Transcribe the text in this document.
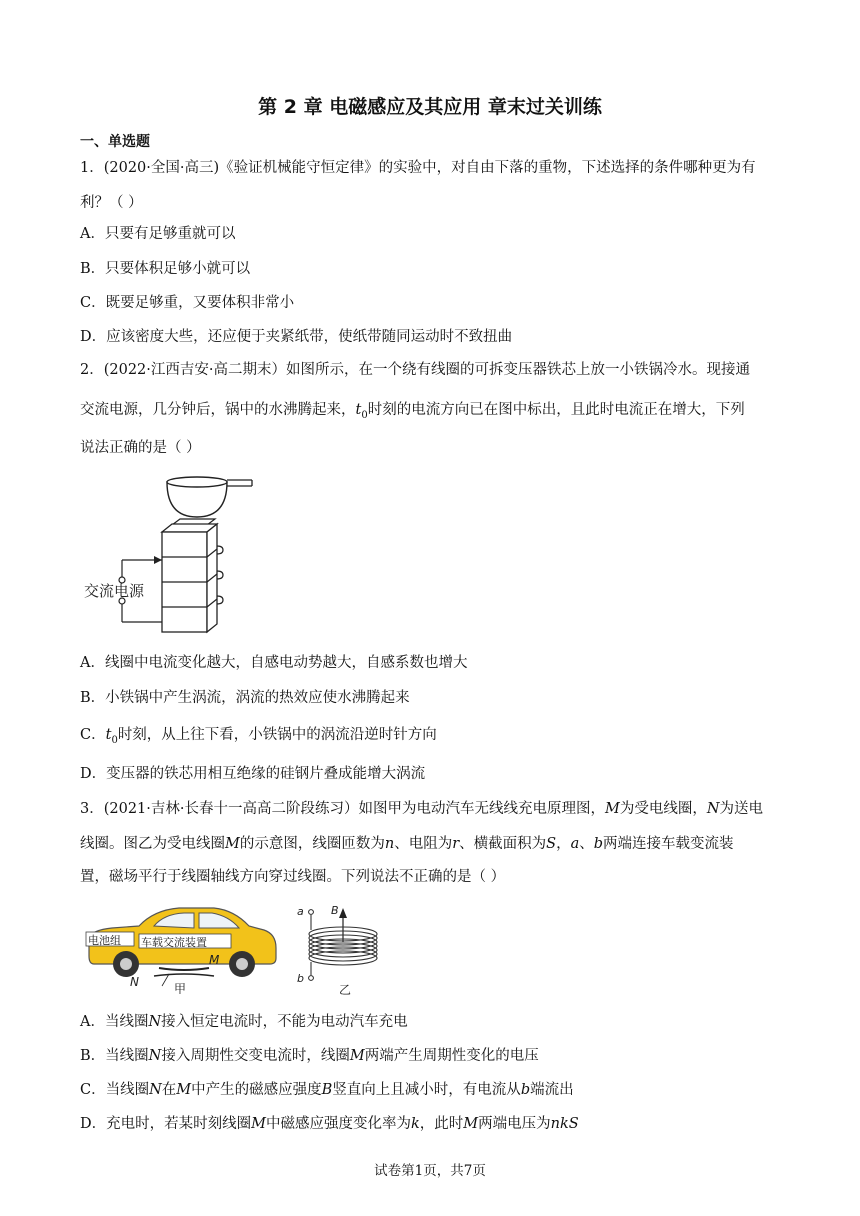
第 2 章 电磁感应及其应用 章末过关训练
一、单选题
1．(2020·全国·高三)《验证机械能守恒定律》的实验中，对自由下落的重物，下述选择的条件哪种更为有
利？（ ）
A．只要有足够重就可以
B．只要体积足够小就可以
C．既要足够重，又要体积非常小
D．应该密度大些，还应便于夹紧纸带，使纸带随同运动时不致扭曲
2．(2022·江西吉安·高二期末）如图所示，在一个绕有线圈的可拆变压器铁芯上放一小铁锅冷水。现接通
交流电源，几分钟后，锅中的水沸腾起来，$t_0$时刻的电流方向已在图中标出，且此时电流正在增大，下列
说法正确的是（ ）
交流电源
A．线圈中电流变化越大，自感电动势越大，自感系数也增大
B．小铁锅中产生涡流，涡流的热效应使水沸腾起来
C．$t_0$时刻，从上往下看，小铁锅中的涡流沿逆时针方向
D．变压器的铁芯用相互绝缘的硅钢片叠成能增大涡流
3．(2021·吉林·长春十一高高二阶段练习）如图甲为电动汽车无线线充电原理图，M为受电线圈，N为送电
线圈。图乙为受电线圈M的示意图，线圈匝数为n、电阻为r、横截面积为S，a、b两端连接车载变流装
置，磁场平行于线圈轴线方向穿过线圈。下列说法不正确的是（ ）
电池组 车载交流装置
N
M
甲
a
b
B
乙
A．当线圈N接入恒定电流时，不能为电动汽车充电
B．当线圈N接入周期性交变电流时，线圈M两端产生周期性变化的电压
C．当线圈N在M中产生的磁感应强度B竖直向上且减小时，有电流从b端流出
D．充电时，若某时刻线圈M中磁感应强度变化率为k，此时M两端电压为nkS
试卷第1页，共7页
